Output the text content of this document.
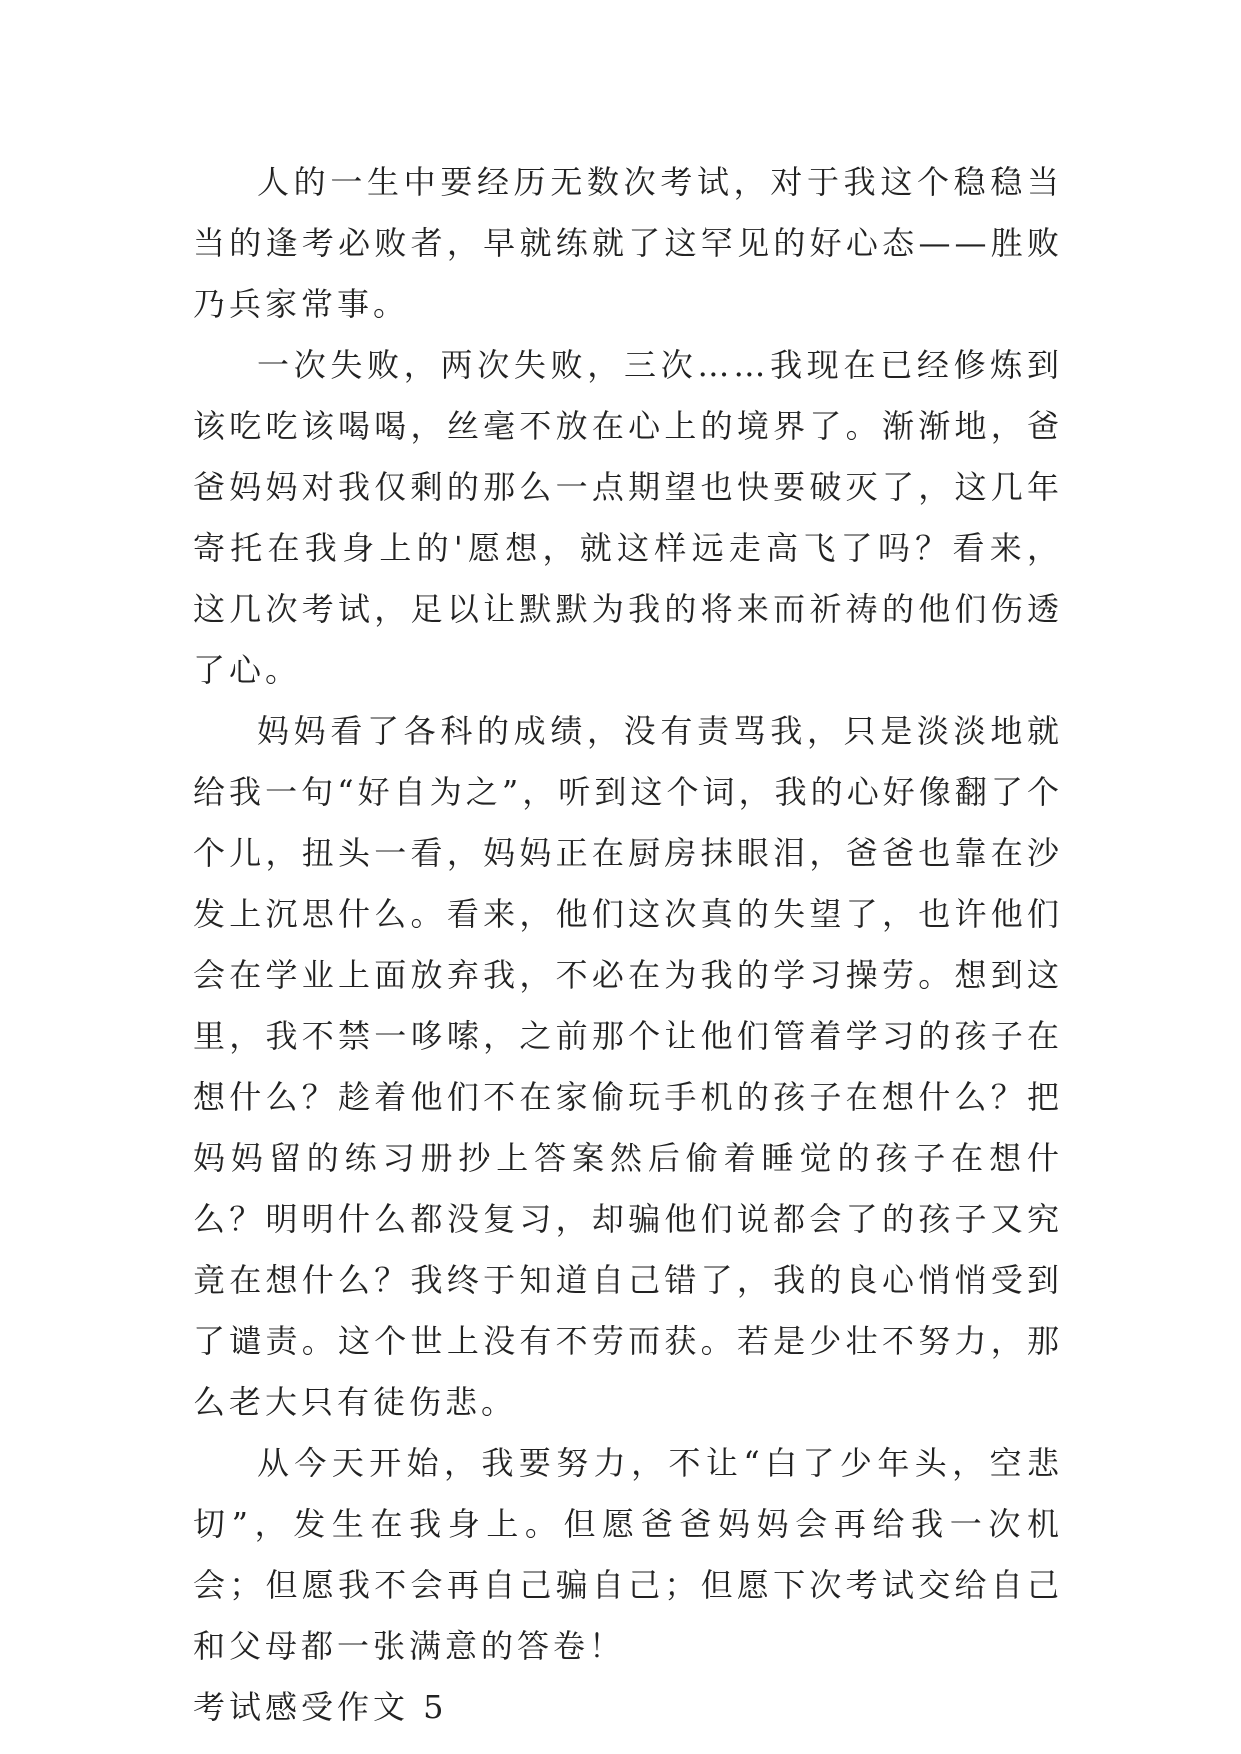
人的一生中要经历无数次考试，对于我这个稳稳当当的逢考必败者，早就练就了这罕见的好心态——胜败乃兵家常事。

一次失败，两次失败，三次……我现在已经修炼到该吃吃该喝喝，丝毫不放在心上的境界了。渐渐地，爸爸妈妈对我仅剩的那么一点期望也快要破灭了，这几年寄托在我身上的'愿想，就这样远走高飞了吗？看来，这几次考试，足以让默默为我的将来而祈祷的他们伤透了心。

妈妈看了各科的成绩，没有责骂我，只是淡淡地就给我一句“好自为之”，听到这个词，我的心好像翻了个个儿，扭头一看，妈妈正在厨房抹眼泪，爸爸也靠在沙发上沉思什么。看来，他们这次真的失望了，也许他们会在学业上面放弃我，不必在为我的学习操劳。想到这里，我不禁一哆嗦，之前那个让他们管着学习的孩子在想什么？趁着他们不在家偷玩手机的孩子在想什么？把妈妈留的练习册抄上答案然后偷着睡觉的孩子在想什么？明明什么都没复习，却骗他们说都会了的孩子又究竟在想什么？我终于知道自己错了，我的良心悄悄受到了谴责。这个世上没有不劳而获。若是少壮不努力，那么老大只有徒伤悲。

从今天开始，我要努力，不让“白了少年头，空悲切”，发生在我身上。但愿爸爸妈妈会再给我一次机会；但愿我不会再自己骗自己；但愿下次考试交给自己和父母都一张满意的答卷！

考试感受作文 5
